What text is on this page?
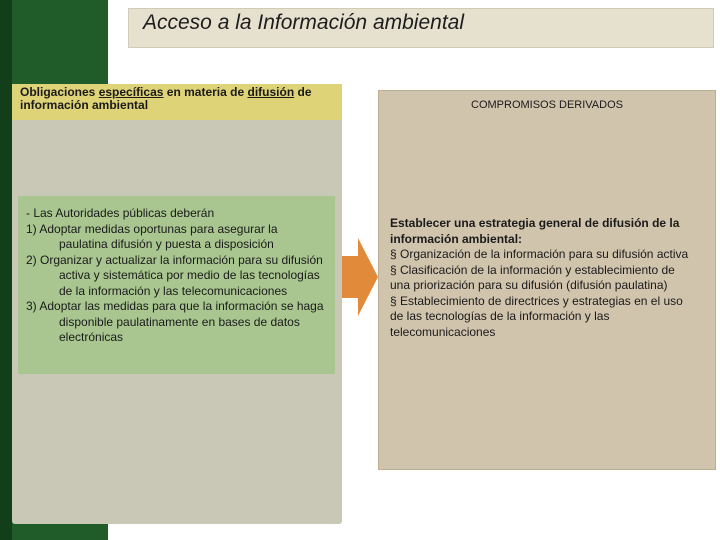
Acceso a la Información ambiental
Obligaciones específicas en materia de difusión de información ambiental
- Las Autoridades públicas deberán
1) Adoptar medidas oportunas para asegurar la paulatina difusión y puesta a disposición
2) Organizar y actualizar la información para su difusión activa y sistemática por medio de las tecnologías de la información y las telecomunicaciones
3) Adoptar las medidas para que la información se haga disponible paulatinamente en bases de datos electrónicas
COMPROMISOS DERIVADOS
Establecer una estrategia general de difusión de la información ambiental:
§ Organización de la información para su difusión activa
§ Clasificación de la información y establecimiento de una priorización para su difusión (difusión paulatina)
§ Establecimiento de directrices y estrategias en el uso de las tecnologías de la información y las telecomunicaciones
